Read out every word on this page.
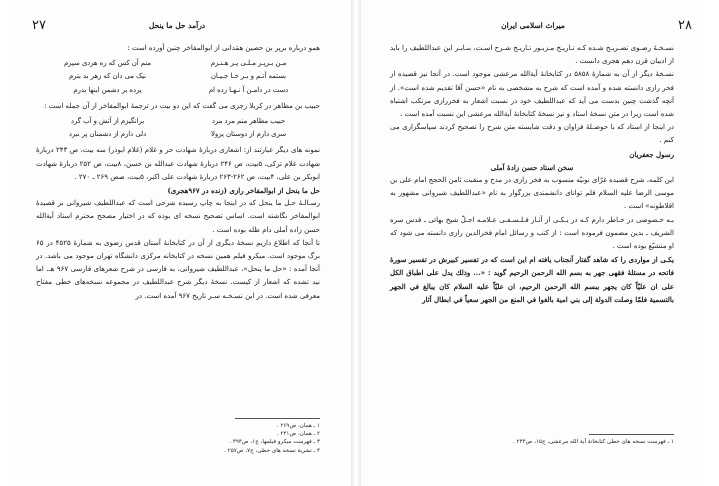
۲۷	درآمد حل ما ینحل

همو درباره برپر بن حصین همَدانی از ابوالمفاخر چنین آورده است :

مـن بـرپـر مـلـی پـر هـنـرم
منم آن کس که ره هردی سپرم
بستمه آتـم و بـر خـا جـیـان
نیک می دان که زهر بد بترم
دست در دامـن آ نـهـا زده ام
پرده بر دشمن اینها بدرم

حبیب بن مظاهر در کربلا رجزی می گفت که این دو بیت در ترجمهٔ ابوالمفاخر از آن جمله است :

حبیب مظاهر منم مرد مرد
برانگیزم از آتش و آب گرد
سری دارم از دوستان پرولا
دلی دارم از دشمنان پر نبرد

نمونه های دیگر عبارتند از: اشعاری دربارهٔ شهادت حر و غلام (غلام ابوذر) سه بیت، ص ۲۴۳ دربارهٔ شهادت غلام ترکی، ۵بیت، ص ۲۴۶ دربارهٔ شهادت عبدالله بن حسن، ۸بیت، ص ۲۵۲ دربارهٔ شهادت ابوبکر بن علی، ۴بیت، ص ۲۶۲-۲۶۳ دربارهٔ شهادت علی اکبر، ۵بیت، صص ۲۶۹ ـ ۲۷۰ .

حل ما ینحل از ابوالمفاخر رازی (زنده در ۹۶۷هجری)

رسـالـهٔ حـل ما ینحل که در اینجا به چاپ رسیده شرحی است که عبداللطیف شیروانی بر قصیدهٔ ابوالمفاخر نگاشته است. اساس تصحیح نسخه ای بوده که در اختیار مصحح محترم استاد آیةالله حسن زاده آملی دام ظله بوده است .

تا آنجا که اطلاع داریم نسخهٔ دیگری از آن در کتابخانهٔ آستان قدس رضوی به شمارهٔ ۴۵۲۵ در ۶۵ برگ موجود است. میکرو فیلم همین نسخه در کتابخانه مرکزی دانشگاه تهران موجود می باشد. در آنجا آمده : «حل ما ینحل»، عبداللطیف شیروانی، به فارسی در شرح شعرهای فارسی ۹۶۷ هـ. اما نید تشده که اشعار از کیست. نسخهٔ دیگر شرح عبداللطیف در مجموعه نسخه‌های خطی مفتاح معرفی شده است. در این نسـخـه سـر تاریخ ۹۶۷ آمده است. در

۱ ـ همان، ص۲۶۹ .
۲ ـ همان، ص۲۴۱ .
۳ ـ فهرست میکرو فیلمها، ج۱، ص۴۹۴ .
۴ ـ نشریهٔ نسخه های خطی، ج۷، ص۲۵۷ .
۲۸
میراث اسلامی ایران

نسـخـهٔ رضـوی تصـریـح شـده کـه تـاریـخ مـزبـور تـاریـخ شـرح اسـت، بنـابـر این عبداللطیف را باید از ادیبان قرن دهم هجری دانست .

نسـخهٔ دیگر از آن به شمارهٔ ۵۸۵۸ در کتابخانهٔ آیةالله مرعشی موجود است. در آنجا نیز قصیده از فخر رازی دانسته شده و آمده است که شرح به مشخصی به نام «حسن آقا تقدیم شده است». از آنچه گذشت چنین بدست می آید که عبداللطیف خود در نسبت اشعار به فخررازی مرتکب اشتباه شده است زیرا در متن نسخهٔ استاد و نیز نسخهٔ کتابخانهٔ آیةالله مرعشی این نسبت آمده است .

در اینجا از استاد که با حوصـلهٔ فراوان و دقت شایسته متن شرح را تصحیح کردند سپاسگزاری می کنم .

رسول جعفریان

سخن استاد حسن زادهٔ آملی

این کلمه، شرح قصیده غرّای نونیّه منسوب به فخر رازی در مدح و منقبت ثامن الحجج امام علی بن موسی الرضا علیه السلام قلم توانای دانشمندی بزرگوار به نام «عبداللطیف شیروانی مشهور به اقلاطونه» است .

بـه خـصوصی در خـاطر دارم کـه در یـکـی از آثـار فـلـسـفـی عـلامـه اجـلّ شیخ بهائی ـ قدس سره الشریف ـ بدین مضمون فرموده است : از کتب و رسائل امام فخرالدین رازی دانسته می شود که او متشیّع بوده است .

یکـی از مواردی را که شاهد گفتار آنجناب یافته ام این است که در تفسیر کبیرش در تفسیر سورهٔ فاتحه در مسئلهٔ فقهی جهر به بسم الله الرحمن الرحیم گوید : «... وذلك يدل على اطباق الكل على ان عليّاً كان يجهر ببسم الله الرحمن الرحيم، ان عليّاً عليه السلام كان يبالغ في الجهر بالتسمية فلمّا وصلت الدولة إلى بني امية بالغوا في المنع من الجهر سعياً في ابطال آثار

۱ ـ فهرست نسخه های خطی کتابخانهٔ آیة الله مرعشی، ج۱۵، ص۲۴۴ .
